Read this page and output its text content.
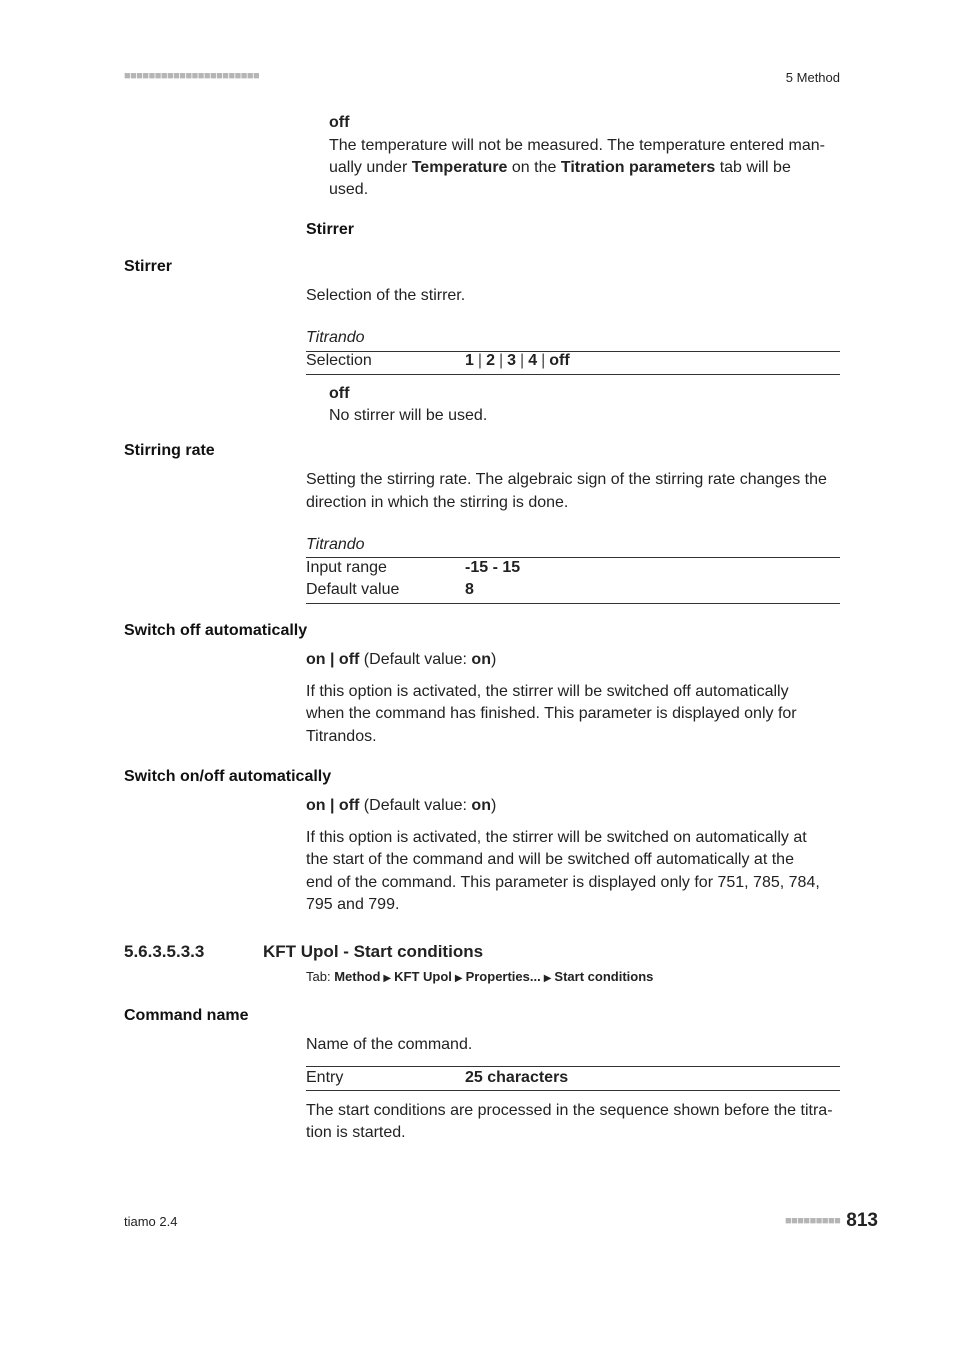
■■■■■■■■■■■■■■■■■■■■■■	5 Method
off
The temperature will not be measured. The temperature entered man-
ually under Temperature on the Titration parameters tab will be
used.
Stirrer
Stirrer
Selection of the stirrer.
Titrando
Selection	1 | 2 | 3 | 4 | off
off
No stirrer will be used.
Stirring rate
Setting the stirring rate. The algebraic sign of the stirring rate changes the
direction in which the stirring is done.
Titrando
Input range	-15 - 15
Default value	8
Switch off automatically
on | off (Default value: on)
If this option is activated, the stirrer will be switched off automatically
when the command has finished. This parameter is displayed only for
Titrandos.
Switch on/off automatically
on | off (Default value: on)
If this option is activated, the stirrer will be switched on automatically at
the start of the command and will be switched off automatically at the
end of the command. This parameter is displayed only for 751, 785, 784,
795 and 799.
5.6.3.5.3.3	KFT Upol - Start conditions
Tab: Method ▶ KFT Upol ▶ Properties... ▶ Start conditions
Command name
Name of the command.
Entry	25 characters
The start conditions are processed in the sequence shown before the titra-
tion is started.
tiamo 2.4	■■■■■■■■■ 813
